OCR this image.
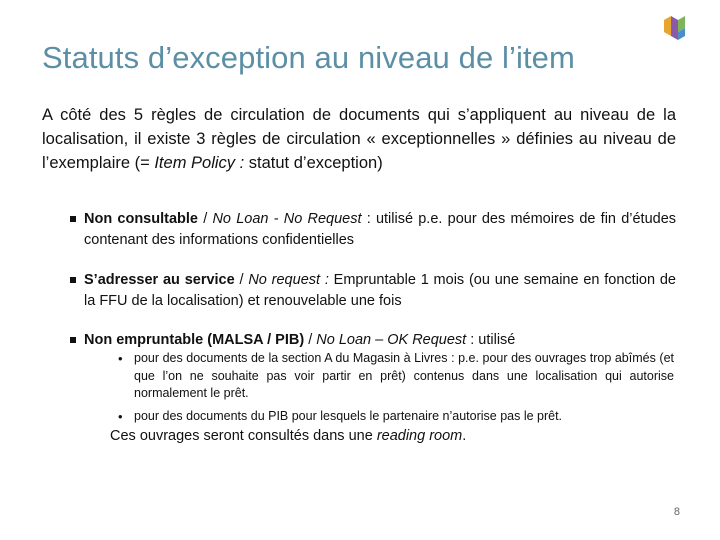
Statuts d’exception au niveau de l’item
A côté des 5 règles de circulation de documents qui s’appliquent au niveau de la localisation, il existe 3 règles de circulation « exceptionnelles » définies au niveau de l’exemplaire (= Item Policy : statut d’exception)
Non consultable / No Loan - No Request : utilisé p.e. pour des mémoires de fin d’études contenant des informations confidentielles
S’adresser au service / No request : Empruntable 1 mois (ou une semaine en fonction de la FFU de la localisation) et renouvelable une fois
Non empruntable (MALSA / PIB) / No Loan – OK Request : utilisé
• pour des documents de la section A du Magasin à Livres : p.e. pour des ouvrages trop abîmés (et que l’on ne souhaite pas voir partir en prêt) contenus dans une localisation qui autorise normalement le prêt.
• pour des documents du PIB pour lesquels le partenaire n’autorise pas le prêt.
Ces ouvrages seront consultés dans une reading room.
8
